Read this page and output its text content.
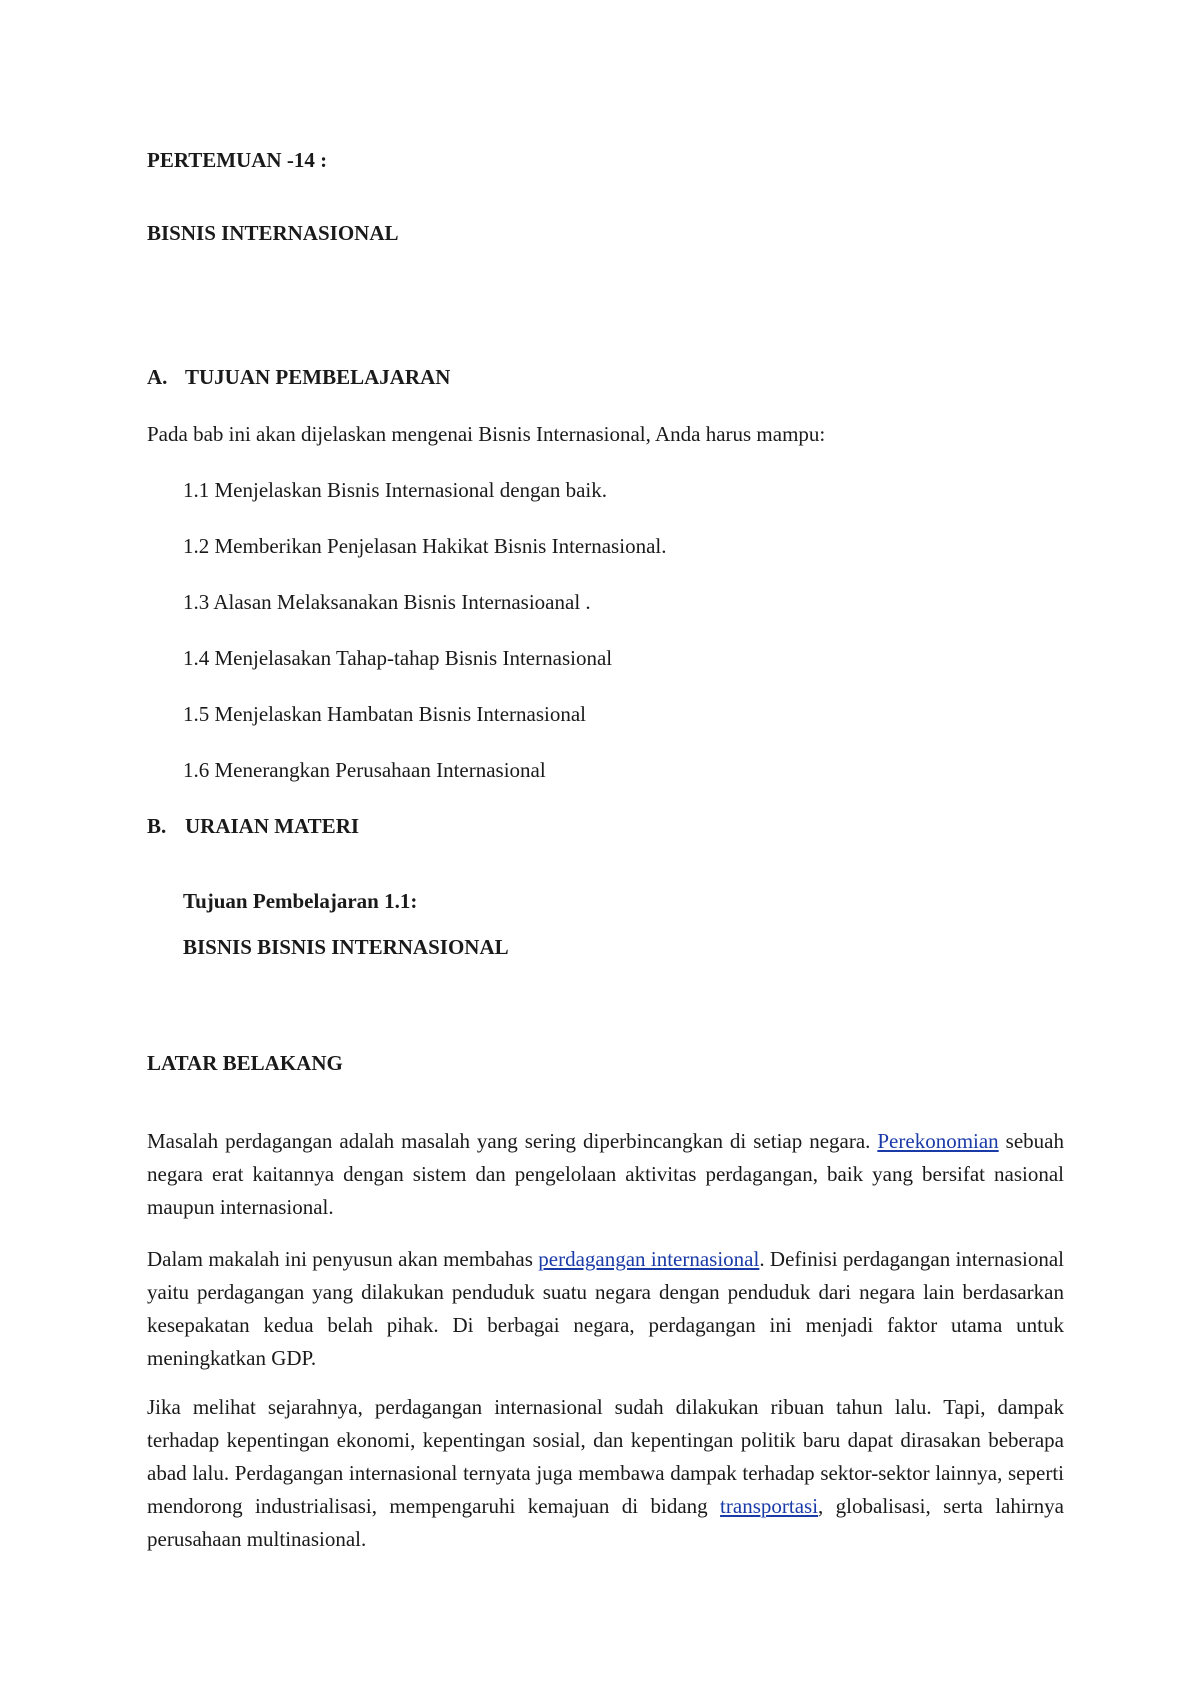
PERTEMUAN -14 :
BISNIS INTERNASIONAL
A. TUJUAN PEMBELAJARAN
Pada bab ini akan dijelaskan mengenai Bisnis Internasional, Anda harus mampu:
1.1 Menjelaskan Bisnis Internasional dengan baik.
1.2 Memberikan Penjelasan Hakikat Bisnis Internasional.
1.3 Alasan Melaksanakan Bisnis Internasioanal .
1.4 Menjelasakan Tahap-tahap Bisnis Internasional
1.5 Menjelaskan Hambatan Bisnis Internasional
1.6 Menerangkan Perusahaan Internasional
B. URAIAN MATERI
Tujuan Pembelajaran 1.1:
BISNIS BISNIS INTERNASIONAL
LATAR BELAKANG

Masalah perdagangan adalah masalah yang sering diperbincangkan di setiap negara. Perekonomian sebuah negara erat kaitannya dengan sistem dan pengelolaan aktivitas perdagangan, baik yang bersifat nasional maupun internasional.

Dalam makalah ini penyusun akan membahas perdagangan internasional. Definisi perdagangan internasional yaitu perdagangan yang dilakukan penduduk suatu negara dengan penduduk dari negara lain berdasarkan kesepakatan kedua belah pihak. Di berbagai negara, perdagangan ini menjadi faktor utama untuk meningkatkan GDP.

Jika melihat sejarahnya, perdagangan internasional sudah dilakukan ribuan tahun lalu. Tapi, dampak terhadap kepentingan ekonomi, kepentingan sosial, dan kepentingan politik baru dapat dirasakan beberapa abad lalu. Perdagangan internasional ternyata juga membawa dampak terhadap sektor-sektor lainnya, seperti mendorong industrialisasi, mempengaruhi kemajuan di bidang transportasi, globalisasi, serta lahirnya perusahaan multinasional.
